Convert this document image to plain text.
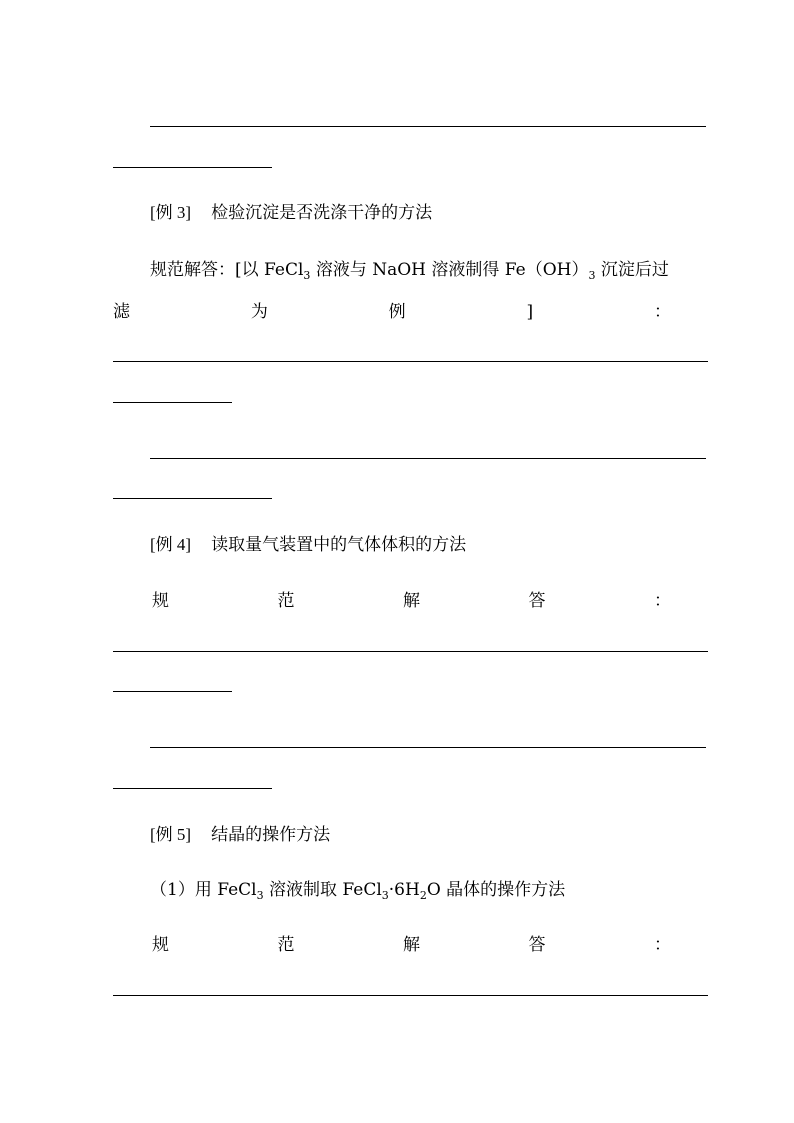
[例 3] 检验沉淀是否洗涤干净的方法
规范解答：[以 FeCl$_3$ 溶液与 NaOH 溶液制得 $Fe(OH)_3$ 沉淀后过
滤	为	例	]	：
[例 4] 读取量气装置中的气体体积的方法
规	范	解	答	：
[例 5] 结晶的操作方法
（1）用 FeCl$_3$ 溶液制取 $FeCl_3\cdot 6H_2O$ 晶体的操作方法
规	范	解	答	：
